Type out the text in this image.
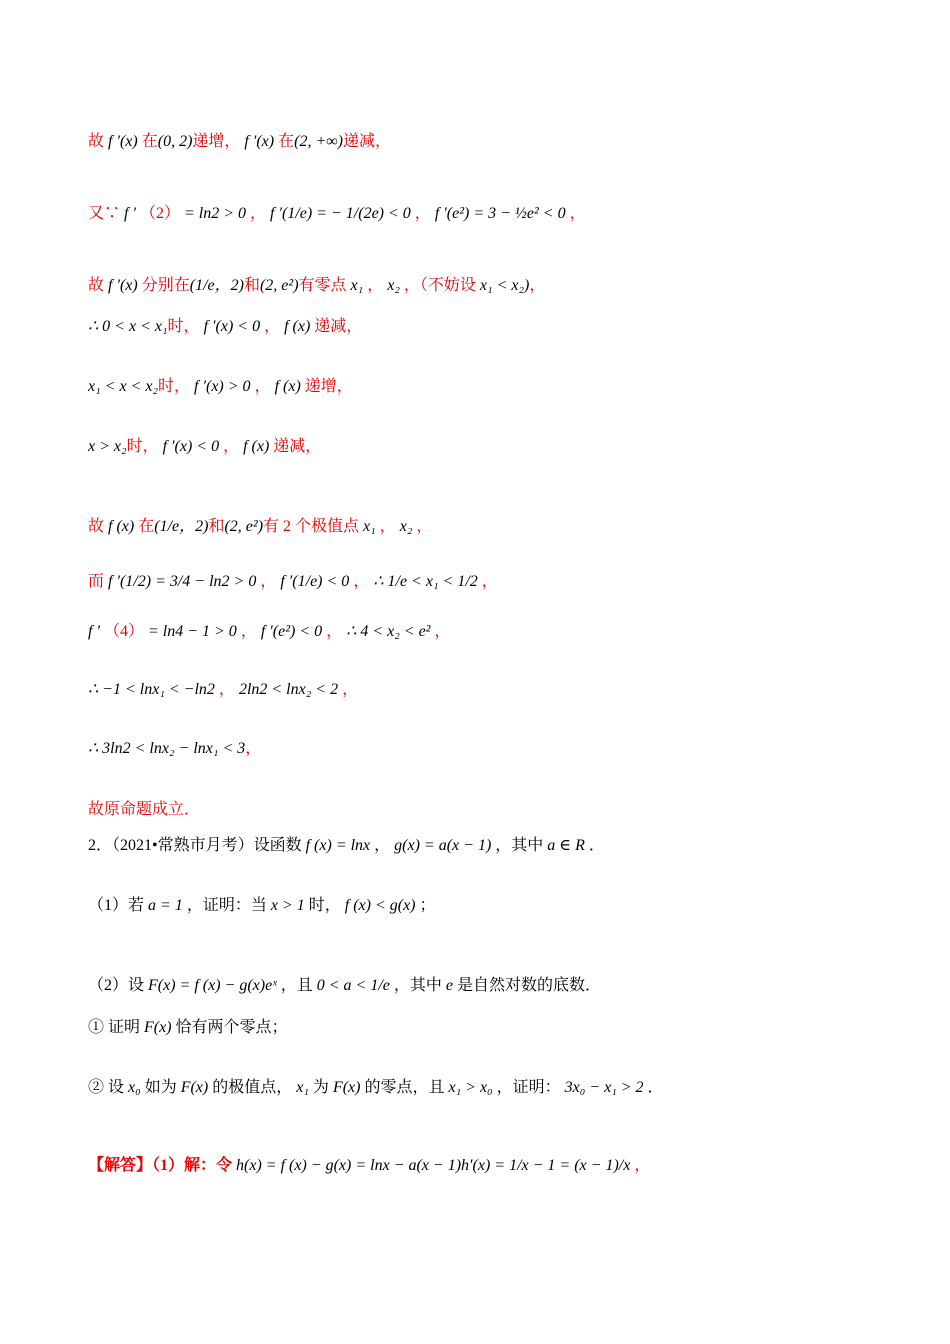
故 f ′(x) 在(0, 2)递增， f ′(x) 在(2, +∞)递减，
又∵ f ′ （2） = ln2 > 0 ， f ′(1/e) = − 1/(2e) < 0 ， f ′(e²) = 3 − ½e² < 0 ，
故 f ′(x) 分别在(1/e，2)和(2, e²)有零点 x₁ ， x₂ ，（不妨设 x₁ < x₂)，
∴ 0 < x < x₁时， f ′(x) < 0 ， f (x) 递减，
x₁ < x < x₂时， f ′(x) > 0 ， f (x) 递增，
x > x₂时， f ′(x) < 0 ， f (x) 递减，
故 f (x) 在(1/e，2)和(2, e²)有 2 个极值点 x₁ ， x₂ ，
而 f ′(1/2) = 3/4 − ln2 > 0 ， f ′(1/e) < 0 ， ∴ 1/e < x₁ < 1/2 ，
f ′ （4） = ln4 − 1 > 0 ， f ′(e²) < 0 ， ∴ 4 < x₂ < e² ，
∴ −1 < lnx₁ < −ln2 ， 2ln2 < lnx₂ < 2 ，
∴ 3ln2 < lnx₂ − lnx₁ < 3，
故原命题成立．
2．（2021•常熟市月考）设函数 f (x) = lnx ， g(x) = a(x − 1) ，其中 a ∈ R ．
（1）若 a = 1 ，证明：当 x > 1 时， f (x) < g(x) ；
（2）设 F(x) = f (x) − g(x)eˣ ，且 0 < a < 1/e ，其中 e 是自然对数的底数．
① 证明 F(x) 恰有两个零点；
② 设 x₀ 如为 F(x) 的极值点， x₁ 为 F(x) 的零点，且 x₁ > x₀ ，证明： 3x₀ − x₁ > 2 ．
【解答】（1）解：令 h(x) = f (x) − g(x) = lnx − a(x − 1)h′(x) = 1/x − 1 = (x − 1)/x ，
